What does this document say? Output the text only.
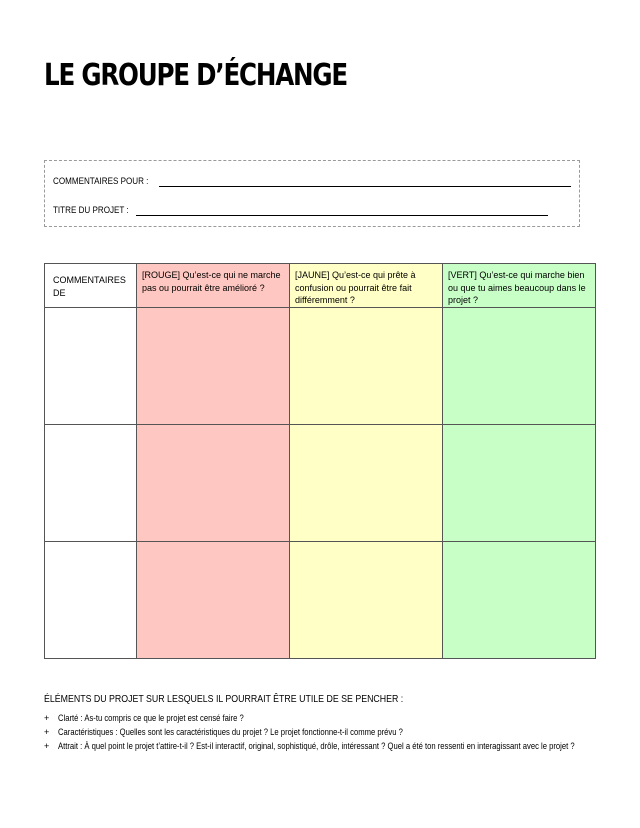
LE GROUPE D’ÉCHANGE
COMMENTAIRES POUR :
TITRE DU PROJET :
COMMENTAIRES DE	[ROUGE] Qu’est-ce qui ne marche pas ou pourrait être amélioré ?	[JAUNE] Qu’est-ce qui prête à confusion ou pourrait être fait différemment ?	[VERT] Qu’est-ce qui marche bien ou que tu aimes beaucoup dans le projet ?

ÉLÉMENTS DU PROJET SUR LESQUELS IL POURRAIT ÊTRE UTILE DE SE PENCHER :
+ Clarté : As-tu compris ce que le projet est censé faire ?
+ Caractéristiques : Quelles sont les caractéristiques du projet ? Le projet fonctionne-t-il comme prévu ?
+ Attrait : À quel point le projet t’attire-t-il ? Est-il interactif, original, sophistiqué, drôle, intéressant ? Quel a été ton ressenti en interagissant avec le projet ?
